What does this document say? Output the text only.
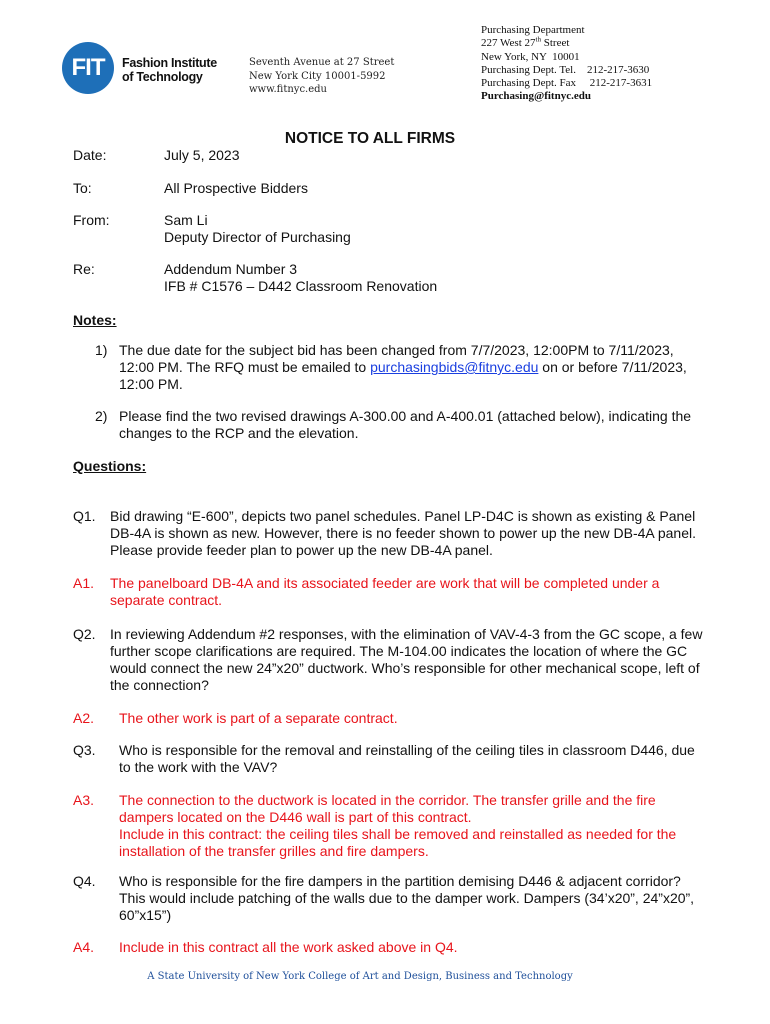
FIT	Fashion Institute
of Technology
Seventh Avenue at 27 Street
New York City 10001-5992
www.fitnyc.edu
Purchasing Department
227 West 27th Street
New York, NY  10001
Purchasing Dept. Tel.    212-217-3630
Purchasing Dept. Fax     212-217-3631
Purchasing@fitnyc.edu
NOTICE TO ALL FIRMS
Date:	July 5, 2023
To:	All Prospective Bidders
From:	Sam Li
Deputy Director of Purchasing
Re:	Addendum Number 3
IFB # C1576 – D442 Classroom Renovation
Notes:
1) The due date for the subject bid has been changed from 7/7/2023, 12:00PM to 7/11/2023, 12:00 PM. The RFQ must be emailed to purchasingbids@fitnyc.edu on or before 7/11/2023, 12:00 PM.
2) Please find the two revised drawings A-300.00 and A-400.01 (attached below), indicating the changes to the RCP and the elevation.
Questions:
Q1. Bid drawing “E-600”, depicts two panel schedules. Panel LP-D4C is shown as existing & Panel DB-4A is shown as new. However, there is no feeder shown to power up the new DB-4A panel. Please provide feeder plan to power up the new DB-4A panel.
A1. The panelboard DB-4A and its associated feeder are work that will be completed under a separate contract.
Q2. In reviewing Addendum #2 responses, with the elimination of VAV-4-3 from the GC scope, a few further scope clarifications are required. The M-104.00 indicates the location of where the GC would connect the new 24”x20” ductwork. Who’s responsible for other mechanical scope, left of the connection?
A2. The other work is part of a separate contract.
Q3. Who is responsible for the removal and reinstalling of the ceiling tiles in classroom D446, due to the work with the VAV?
A3. The connection to the ductwork is located in the corridor. The transfer grille and the fire dampers located on the D446 wall is part of this contract.
Include in this contract: the ceiling tiles shall be removed and reinstalled as needed for the installation of the transfer grilles and fire dampers.
Q4. Who is responsible for the fire dampers in the partition demising D446 & adjacent corridor? This would include patching of the walls due to the damper work. Dampers (34’x20”, 24”x20”, 60”x15”)
A4. Include in this contract all the work asked above in Q4.
A State University of New York College of Art and Design, Business and Technology
